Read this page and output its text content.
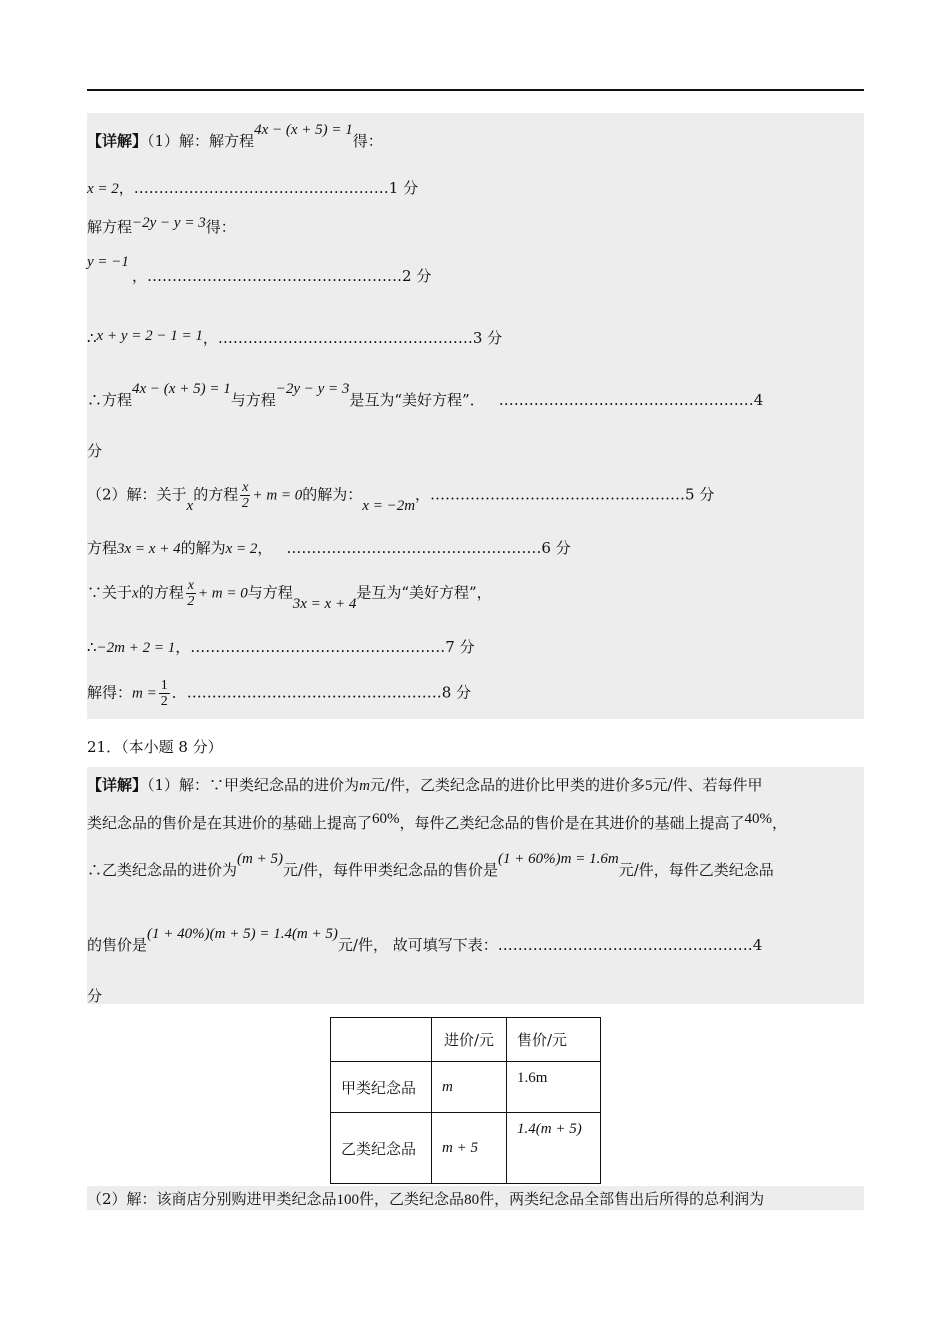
【详解】（1）解：解方程4x − (x + 5) = 1得：
x = 2，……………………………………………1 分
解方程−2y − y = 3得：
y = −1
，……………………………………………2 分
∴x + y = 2 − 1 = 1，……………………………………………3 分
∴方程4x − (x + 5) = 1与方程−2y − y = 3是互为“美好方程”． ……………………………………………4
分
（2）解：关于x的方程 $\frac{x}{2} + m = 0$的解为：x = −2m，……………………………………………5 分
方程3x = x + 4的解为x = 2， ……………………………………………6 分
∵关于x的方程 $\frac{x}{2} + m = 0$与方程3x = x + 4是互为“美好方程”，
∴−2m + 2 = 1，……………………………………………7 分
解得：$m = \frac{1}{2}$ ．……………………………………………8 分
21．（本小题 8 分）
【详解】（1）解：∵甲类纪念品的进价为m元/件，乙类纪念品的进价比甲类的进价多5元/件、若每件甲
类纪念品的售价是在其进价的基础上提高了60%，每件乙类纪念品的售价是在其进价的基础上提高了40%，
∴乙类纪念品的进价为(m + 5)元/件，每件甲类纪念品的售价是(1 + 60%)m = 1.6m元/件，每件乙类纪念品
的售价是(1 + 40%)(m + 5) = 1.4(m + 5)元/件， 故可填写下表：……………………………………………4
分
	进价/元	售价/元
甲类纪念品	m	1.6m
乙类纪念品	m + 5	1.4(m + 5)
（2）解：该商店分别购进甲类纪念品100件，乙类纪念品80件，两类纪念品全部售出后所得的总利润为
